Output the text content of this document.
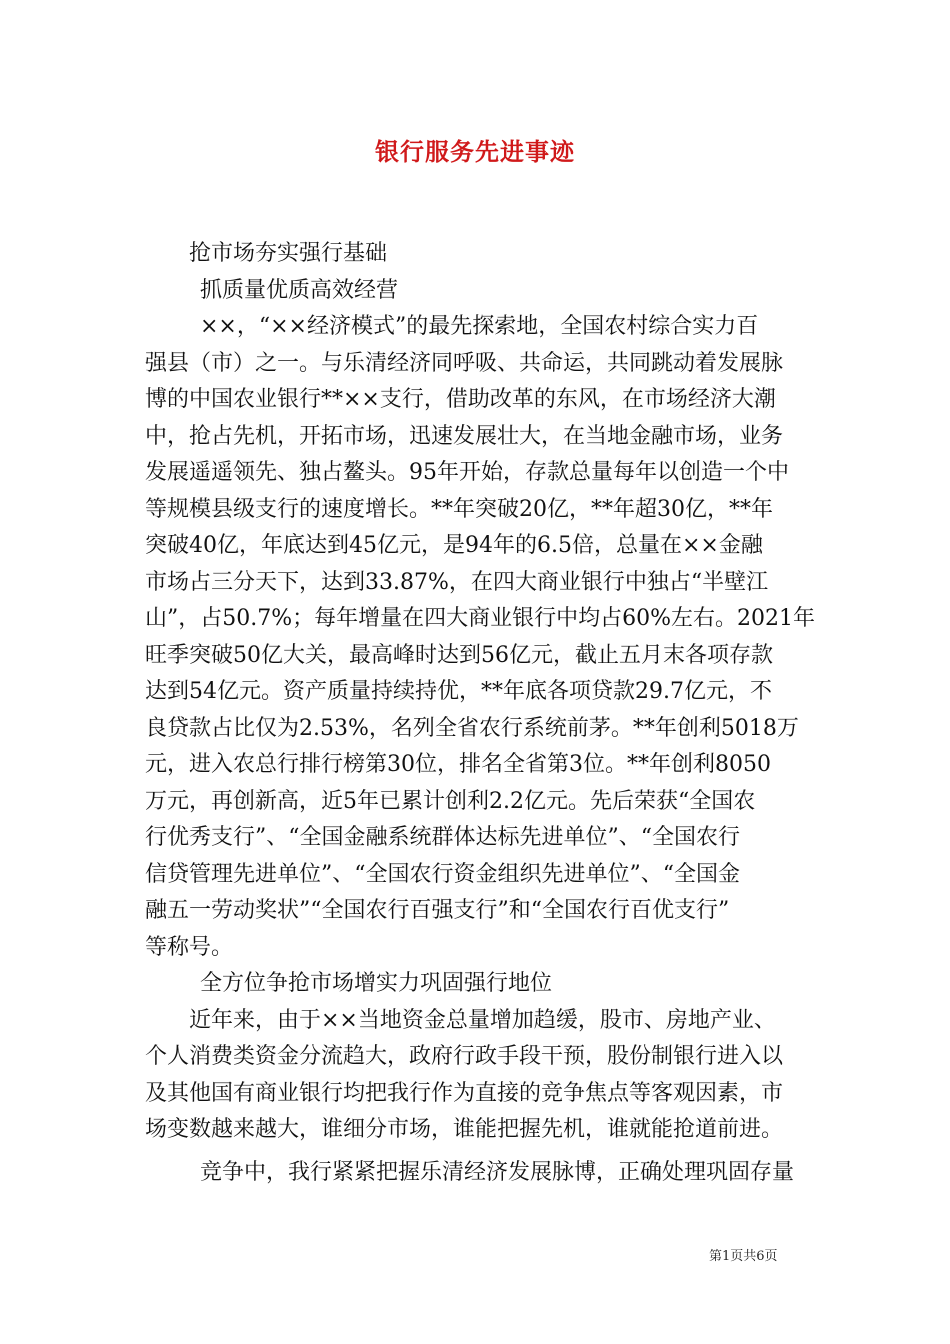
银行服务先进事迹
抢市场夯实强行基础
抓质量优质高效经营
××，“××经济模式”的最先探索地，全国农村综合实力百
强县（市）之一。与乐清经济同呼吸、共命运，共同跳动着发展脉
博的中国农业银行**××支行，借助改革的东风，在市场经济大潮
中，抢占先机，开拓市场，迅速发展壮大，在当地金融市场，业务
发展遥遥领先、独占鳌头。95年开始，存款总量每年以创造一个中
等规模县级支行的速度增长。**年突破20亿，**年超30亿，**年
突破40亿，年底达到45亿元，是94年的6.5倍，总量在××金融
市场占三分天下，达到33.87%，在四大商业银行中独占“半壁江
山”，占50.7%；每年增量在四大商业银行中均占60%左右。2021年
旺季突破50亿大关，最高峰时达到56亿元，截止五月末各项存款
达到54亿元。资产质量持续持优，**年底各项贷款29.7亿元，不
良贷款占比仅为2.53%，名列全省农行系统前茅。**年创利5018万
元，进入农总行排行榜第30位，排名全省第3位。**年创利8050
万元，再创新高，近5年已累计创利2.2亿元。先后荣获“全国农
行优秀支行”、“全国金融系统群体达标先进单位”、“全国农行
信贷管理先进单位”、“全国农行资金组织先进单位”、“全国金
融五一劳动奖状”“全国农行百强支行”和“全国农行百优支行”
等称号。
全方位争抢市场增实力巩固强行地位
近年来，由于××当地资金总量增加趋缓，股市、房地产业、
个人消费类资金分流趋大，政府行政手段干预，股份制银行进入以
及其他国有商业银行均把我行作为直接的竞争焦点等客观因素，市
场变数越来越大，谁细分市场，谁能把握先机，谁就能抢道前进。
竞争中，我行紧紧把握乐清经济发展脉博，正确处理巩固存量
第1页共6页
